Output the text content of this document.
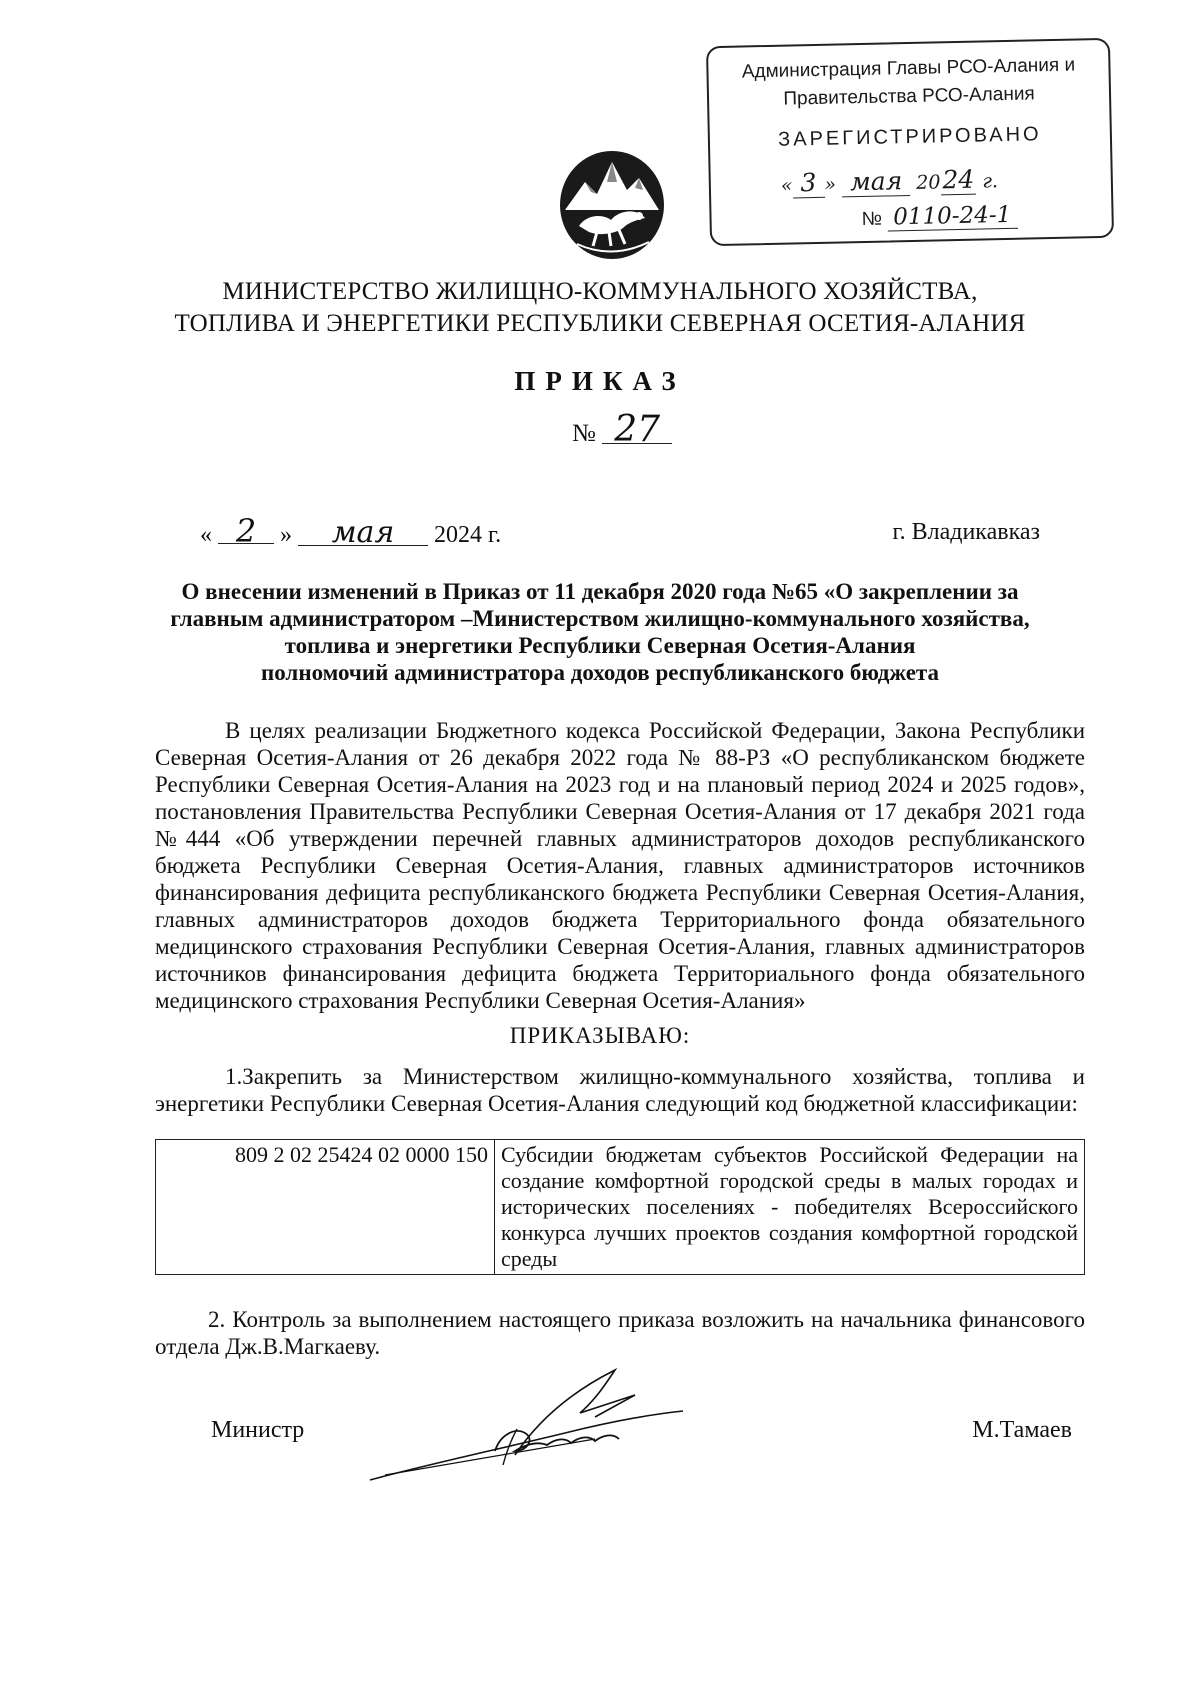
Администрация Главы РСО-Алания и
Правительства РСО-Алания
ЗАРЕГИСТРИРОВАНО
« 3 » мая 2024 г.
№ 0110-24-1
МИНИСТЕРСТВО ЖИЛИЩНО-КОММУНАЛЬНОГО ХОЗЯЙСТВА,
ТОПЛИВА И ЭНЕРГЕТИКИ РЕСПУБЛИКИ СЕВЕРНАЯ ОСЕТИЯ-АЛАНИЯ
ПРИКАЗ
№ 27
« 2 » мая 2024 г.	г. Владикавказ
О внесении изменений в Приказ от 11 декабря 2020 года №65 «О закреплении за
главным администратором –Министерством жилищно-коммунального хозяйства,
топлива и энергетики Республики Северная Осетия-Алания
полномочий администратора доходов республиканского бюджета
В целях реализации Бюджетного кодекса Российской Федерации, Закона Республики Северная Осетия-Алания от 26 декабря 2022 года № 88-РЗ «О республиканском бюджете Республики Северная Осетия-Алания на 2023 год и на плановый период 2024 и 2025 годов», постановления Правительства Республики Северная Осетия-Алания от 17 декабря 2021 года №444 «Об утверждении перечней главных администраторов доходов республиканского бюджета Республики Северная Осетия-Алания, главных администраторов источников финансирования дефицита республиканского бюджета Республики Северная Осетия-Алания, главных администраторов доходов бюджета Территориального фонда обязательного медицинского страхования Республики Северная Осетия-Алания, главных администраторов источников финансирования дефицита бюджета Территориального фонда обязательного медицинского страхования Республики Северная Осетия-Алания»
ПРИКАЗЫВАЮ:
1.Закрепить за Министерством жилищно-коммунального хозяйства, топлива и энергетики Республики Северная Осетия-Алания следующий код бюджетной классификации:
809 2 02 25424 02 0000 150	Субсидии бюджетам субъектов Российской Федерации на создание комфортной городской среды в малых городах и исторических поселениях - победителях Всероссийского конкурса лучших проектов создания комфортной городской среды
2. Контроль за выполнением настоящего приказа возложить на начальника финансового отдела Дж.В.Магкаеву.
Министр	М.Тамаев
